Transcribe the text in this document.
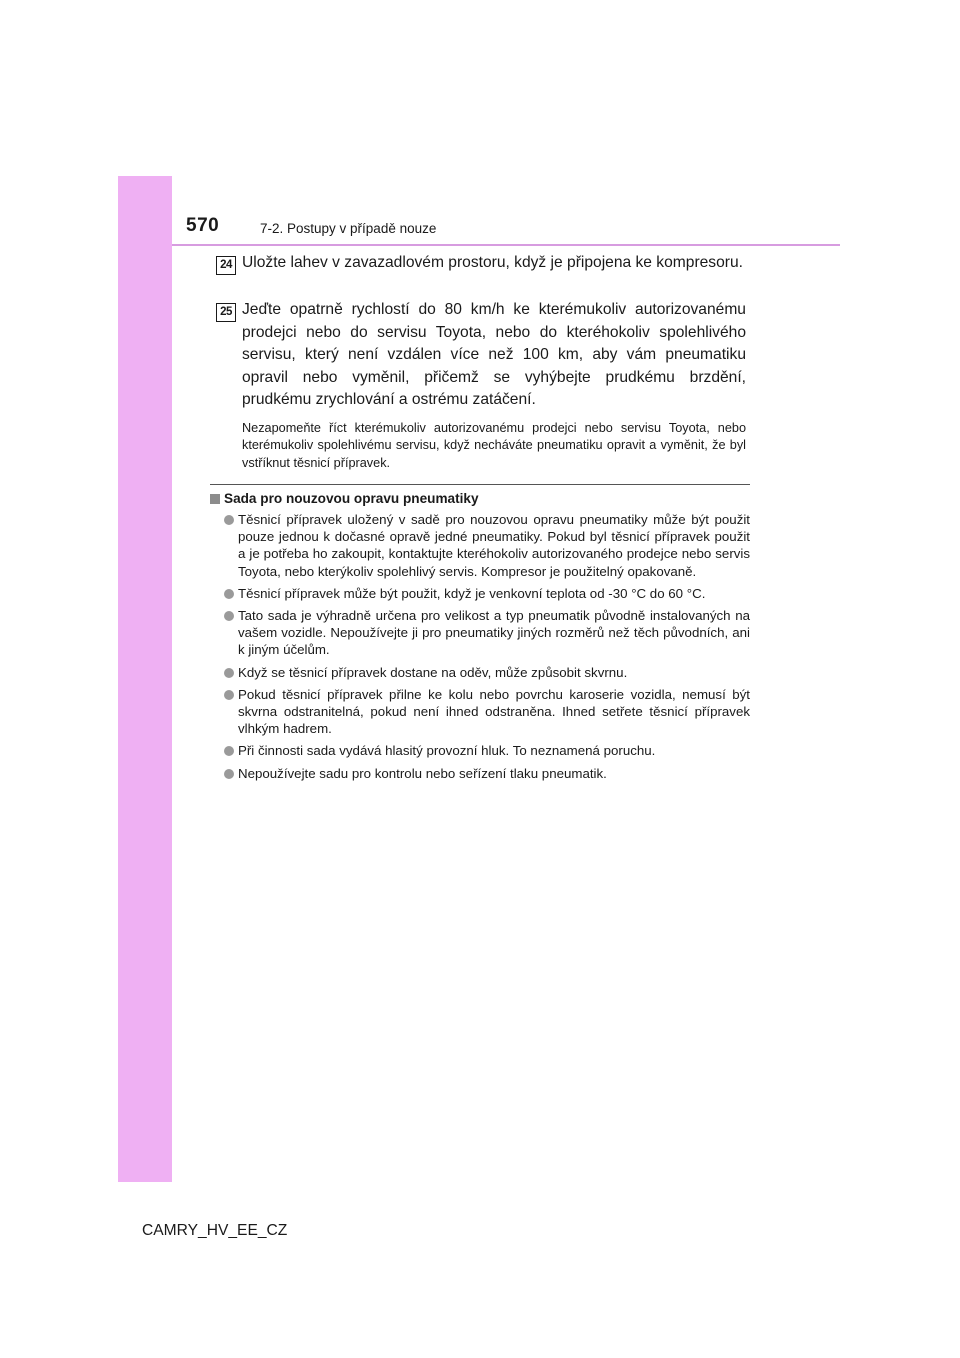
570	7-2. Postupy v případě nouze
24 Uložte lahev v zavazadlovém prostoru, když je připojena ke kompresoru.
25 Jeďte opatrně rychlostí do 80 km/h ke kterémukoliv autorizovanému prodejci nebo do servisu Toyota, nebo do kteréhokoliv spolehlivého servisu, který není vzdálen více než 100 km, aby vám pneumatiku opravil nebo vyměnil, přičemž se vyhýbejte prudkému brzdění, prudkému zrychlování a ostrému zatáčení.
Nezapomeňte říct kterémukoliv autorizovanému prodejci nebo servisu Toyota, nebo kterémukoliv spolehlivému servisu, když necháváte pneumatiku opravit a vyměnit, že byl vstříknut těsnicí přípravek.
Sada pro nouzovou opravu pneumatiky
Těsnicí přípravek uložený v sadě pro nouzovou opravu pneumatiky může být použit pouze jednou k dočasné opravě jedné pneumatiky. Pokud byl těsnicí přípravek použit a je potřeba ho zakoupit, kontaktujte kteréhokoliv autorizovaného prodejce nebo servis Toyota, nebo kterýkoliv spolehlivý servis. Kompresor je použitelný opakovaně.
Těsnicí přípravek může být použit, když je venkovní teplota od -30 °C do 60 °C.
Tato sada je výhradně určena pro velikost a typ pneumatik původně instalovaných na vašem vozidle. Nepoužívejte ji pro pneumatiky jiných rozměrů než těch původních, ani k jiným účelům.
Když se těsnicí přípravek dostane na oděv, může způsobit skvrnu.
Pokud těsnicí přípravek přilne ke kolu nebo povrchu karoserie vozidla, nemusí být skvrna odstranitelná, pokud není ihned odstraněna. Ihned setřete těsnicí přípravek vlhkým hadrem.
Při činnosti sada vydává hlasitý provozní hluk. To neznamená poruchu.
Nepoužívejte sadu pro kontrolu nebo seřízení tlaku pneumatik.
CAMRY_HV_EE_CZ
